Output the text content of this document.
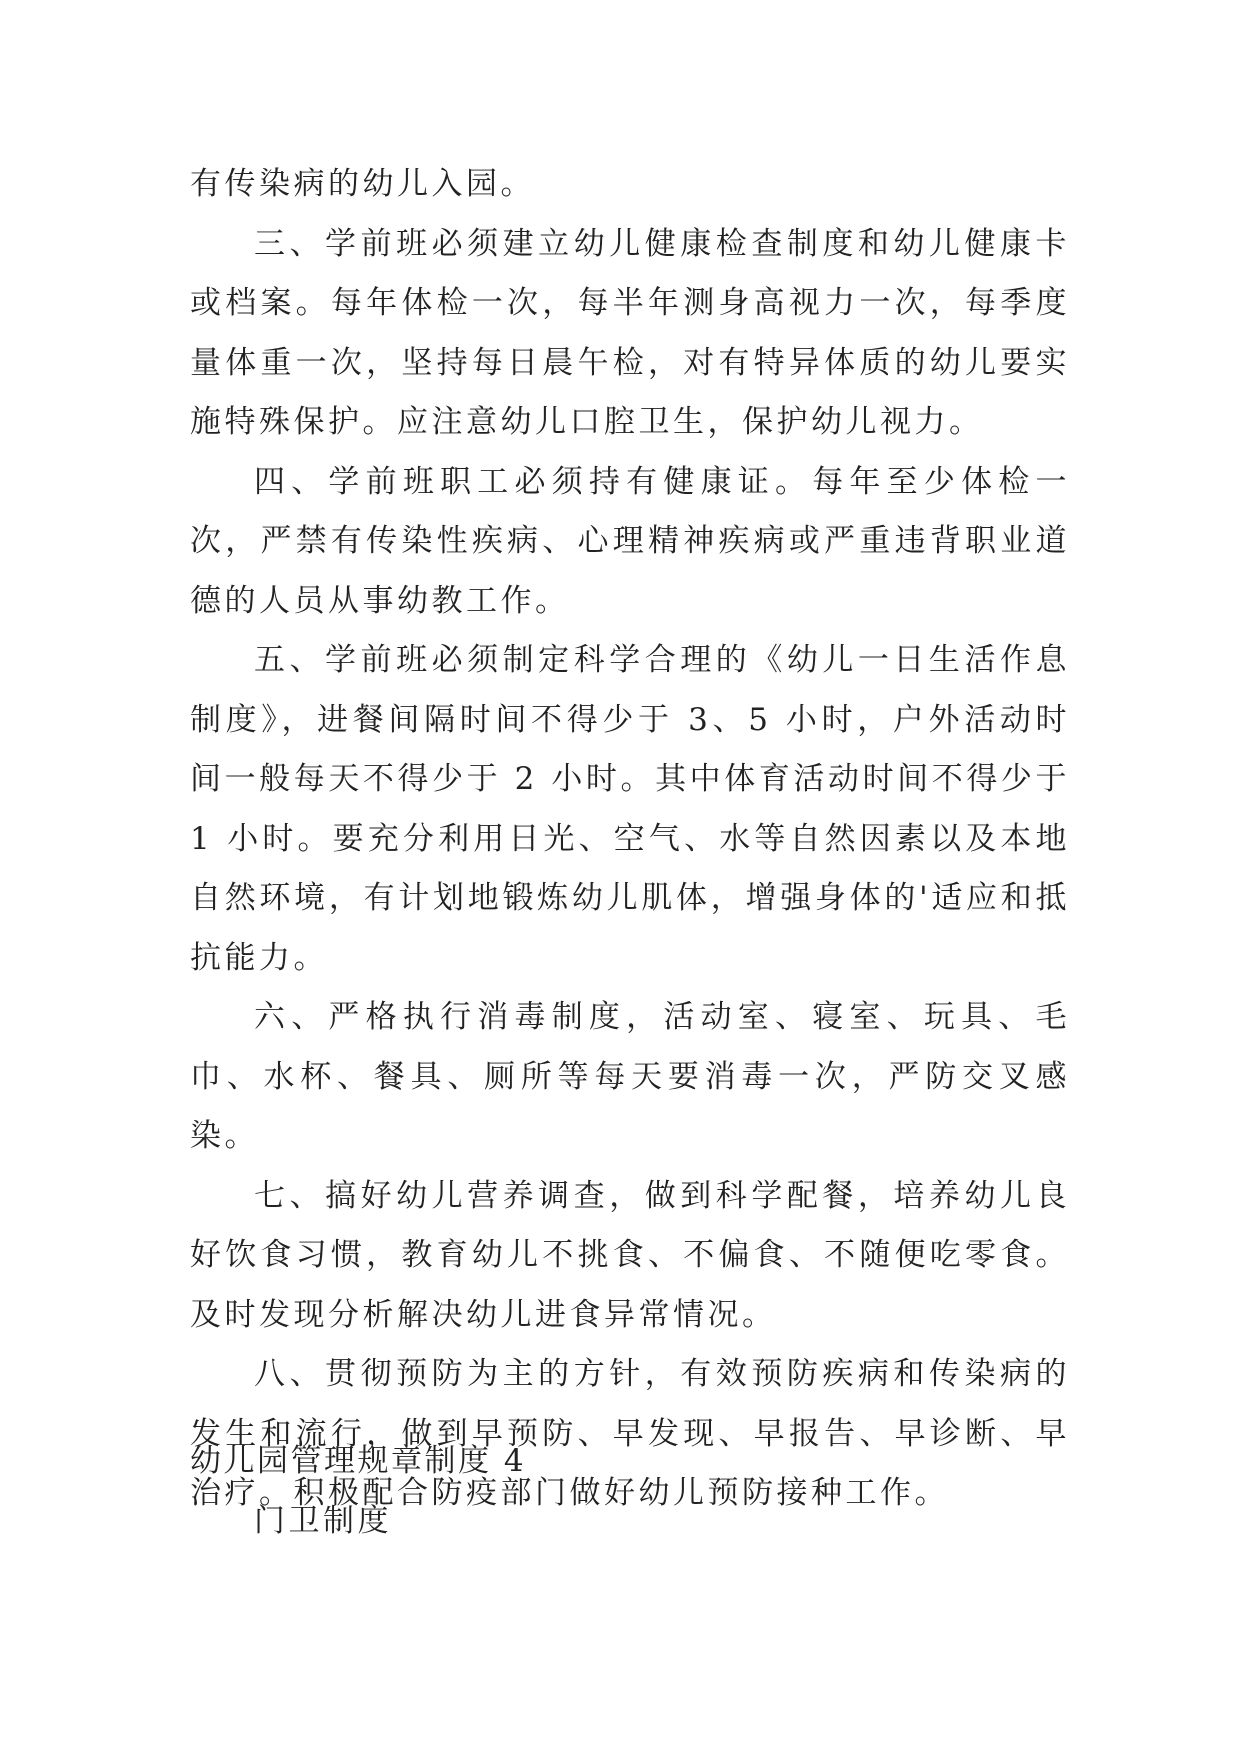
有传染病的幼儿入园。

三、学前班必须建立幼儿健康检查制度和幼儿健康卡或档案。每年体检一次，每半年测身高视力一次，每季度量体重一次，坚持每日晨午检，对有特异体质的幼儿要实施特殊保护。应注意幼儿口腔卫生，保护幼儿视力。

四、学前班职工必须持有健康证。每年至少体检一次，严禁有传染性疾病、心理精神疾病或严重违背职业道德的人员从事幼教工作。

五、学前班必须制定科学合理的《幼儿一日生活作息制度》，进餐间隔时间不得少于 3、5 小时，户外活动时间一般每天不得少于 2 小时。其中体育活动时间不得少于 1 小时。要充分利用日光、空气、水等自然因素以及本地自然环境，有计划地锻炼幼儿肌体，增强身体的'适应和抵抗能力。

六、严格执行消毒制度，活动室、寝室、玩具、毛巾、水杯、餐具、厕所等每天要消毒一次，严防交叉感染。

七、搞好幼儿营养调查，做到科学配餐，培养幼儿良好饮食习惯，教育幼儿不挑食、不偏食、不随便吃零食。及时发现分析解决幼儿进食异常情况。

八、贯彻预防为主的方针，有效预防疾病和传染病的发生和流行，做到早预防、早发现、早报告、早诊断、早治疗。积极配合防疫部门做好幼儿预防接种工作。

幼儿园管理规章制度 4

门卫制度
